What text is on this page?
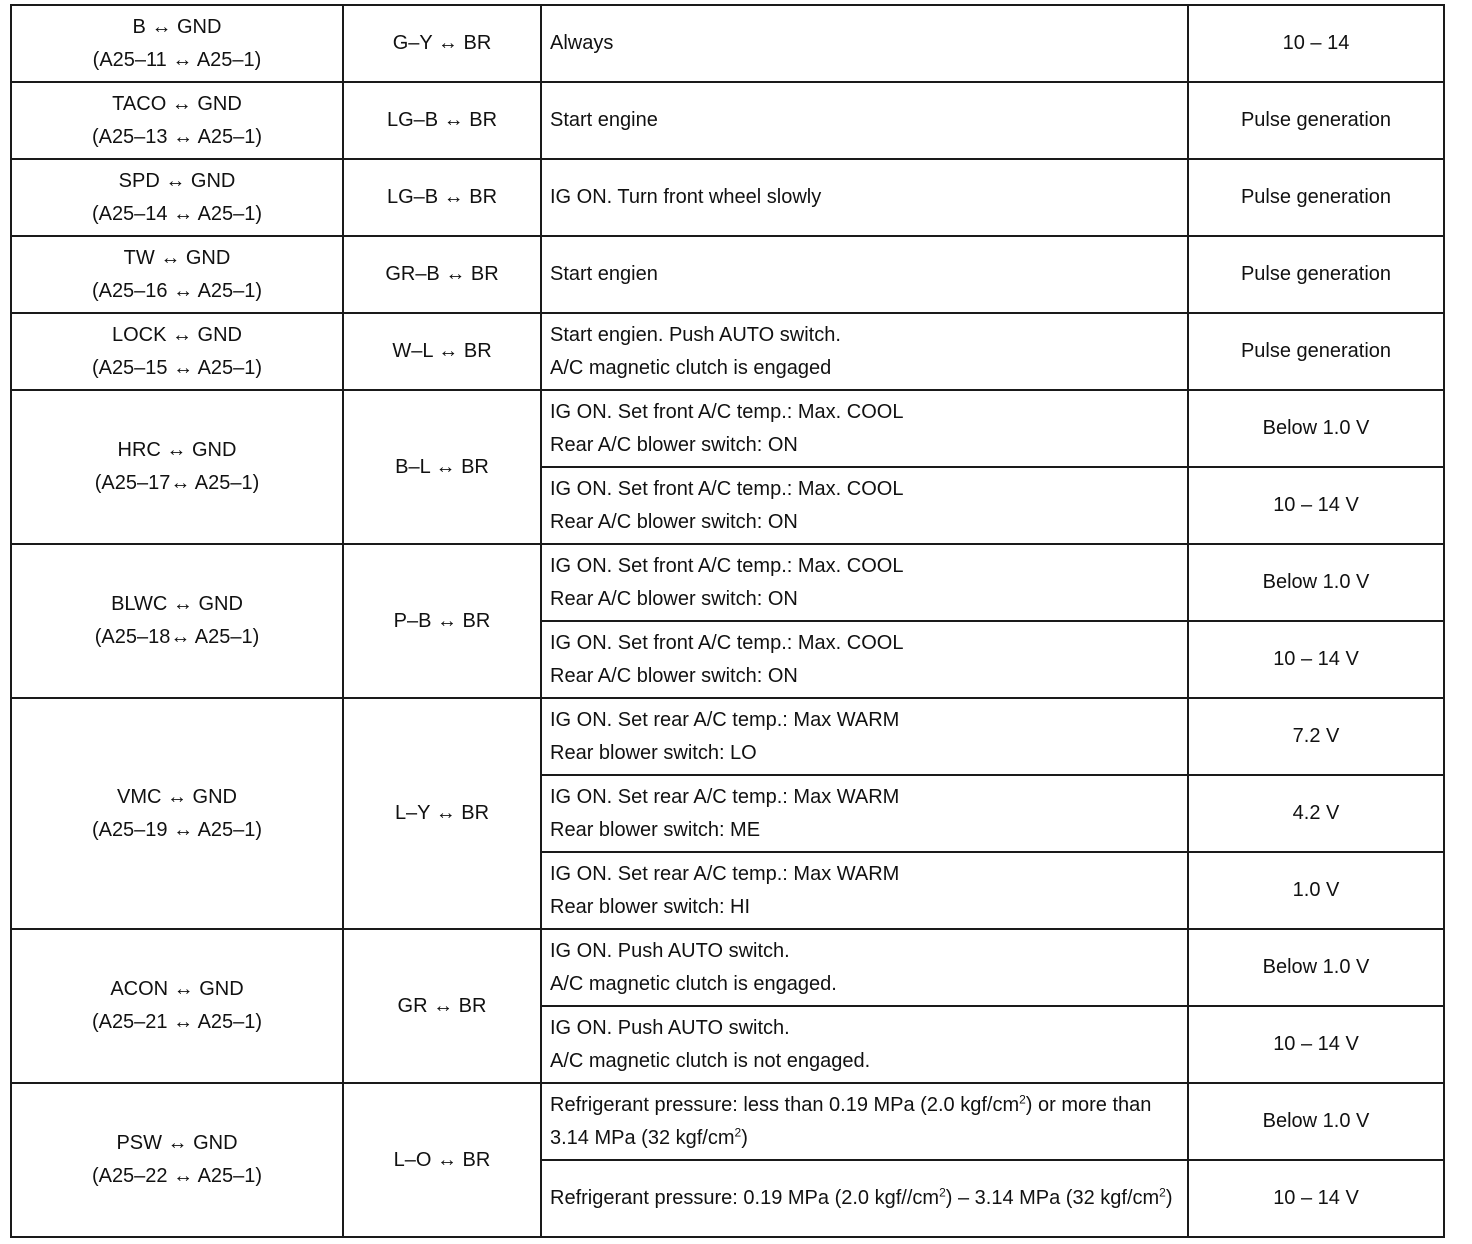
B ↔ GND
(A25–11 ↔ A25–1)	G–Y ↔ BR	Always	10 – 14

TACO ↔ GND
(A25–13 ↔ A25–1)	LG–B ↔ BR	Start engine	Pulse generation

SPD ↔ GND
(A25–14 ↔ A25–1)	LG–B ↔ BR	IG ON. Turn front wheel slowly	Pulse generation

TW ↔ GND
(A25–16 ↔ A25–1)	GR–B ↔ BR	Start engien	Pulse generation

LOCK ↔ GND
(A25–15 ↔ A25–1)	W–L ↔ BR	Start engien. Push AUTO switch.
A/C magnetic clutch is engaged	Pulse generation

HRC ↔ GND
(A25–17↔ A25–1)	B–L ↔ BR	IG ON. Set front A/C temp.: Max. COOL
Rear A/C blower switch: ON	Below 1.0 V

		IG ON. Set front A/C temp.: Max. COOL
Rear A/C blower switch: ON	10 – 14 V

BLWC ↔ GND
(A25–18↔ A25–1)	P–B ↔ BR	IG ON. Set front A/C temp.: Max. COOL
Rear A/C blower switch: ON	Below 1.0 V

		IG ON. Set front A/C temp.: Max. COOL
Rear A/C blower switch: ON	10 – 14 V

VMC ↔ GND
(A25–19 ↔ A25–1)	L–Y ↔ BR	IG ON. Set rear A/C temp.: Max WARM
Rear blower switch: LO	7.2 V

		IG ON. Set rear A/C temp.: Max WARM
Rear blower switch: ME	4.2 V

		IG ON. Set rear A/C temp.: Max WARM
Rear blower switch: HI	1.0 V

ACON ↔ GND
(A25–21 ↔ A25–1)	GR ↔ BR	IG ON. Push AUTO switch.
A/C magnetic clutch is engaged.	Below 1.0 V

		IG ON. Push AUTO switch.
A/C magnetic clutch is not engaged.	10 – 14 V

PSW ↔ GND
(A25–22 ↔ A25–1)	L–O ↔ BR	Refrigerant pressure: less than 0.19 MPa (2.0 kgf/$cm^2$) or more than 3.14 MPa (32 kgf/$cm^2$)	Below 1.0 V

		Refrigerant pressure: 0.19 MPa (2.0 kgf/$/cm^2) - 3.14$ MPa (32 kgf/$cm^2$)	10 – 14 V
